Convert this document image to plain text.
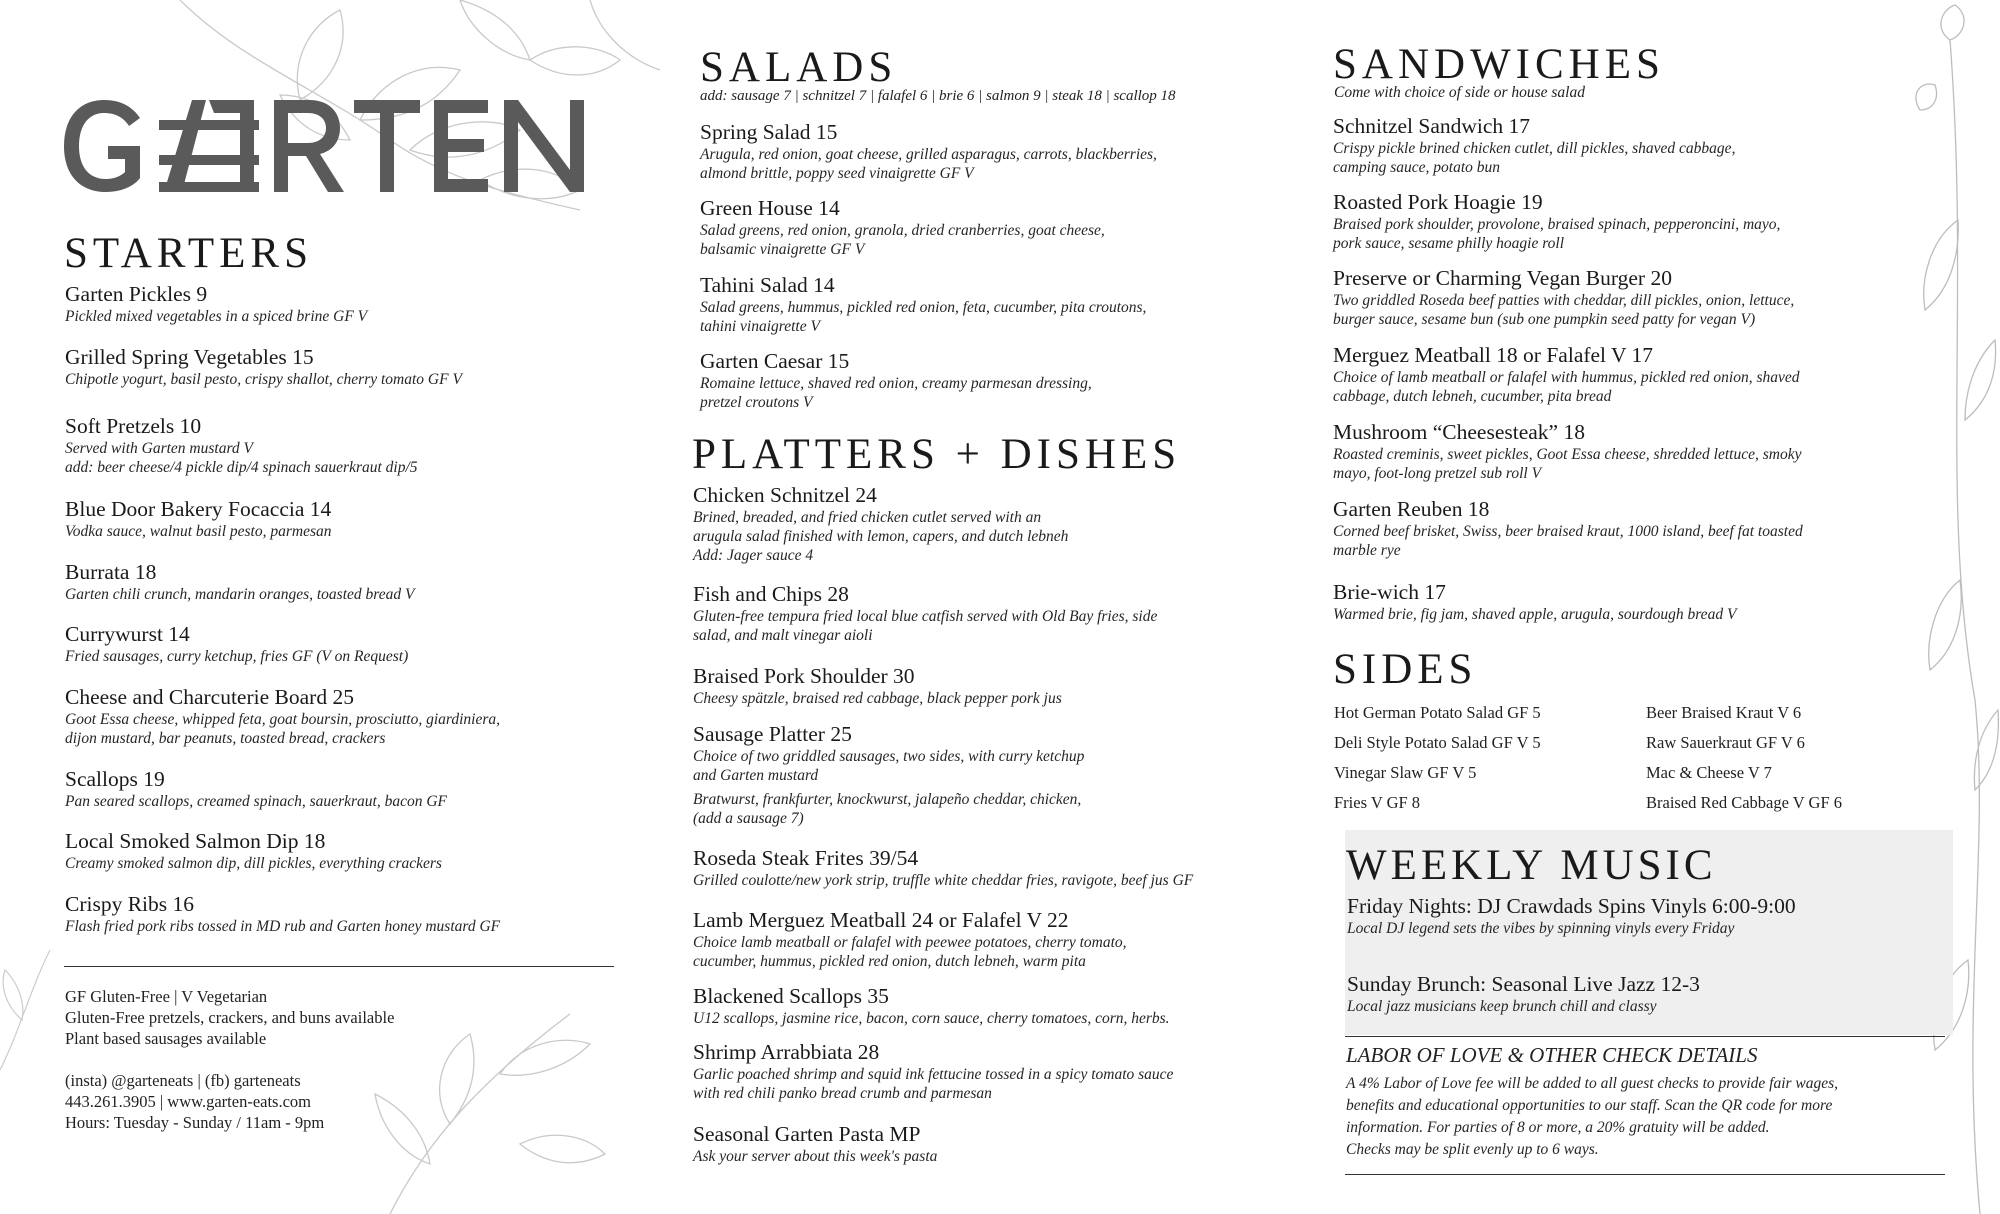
STARTERS
Garten Pickles 9
Pickled mixed vegetables in a spiced brine GF V
Grilled Spring Vegetables 15
Chipotle yogurt, basil pesto, crispy shallot, cherry tomato GF V
Soft Pretzels 10
Served with Garten mustard V
add: beer cheese/4 pickle dip/4 spinach sauerkraut dip/5
Blue Door Bakery Focaccia 14
Vodka sauce, walnut basil pesto, parmesan
Burrata 18
Garten chili crunch, mandarin oranges, toasted bread V
Currywurst 14
Fried sausages, curry ketchup, fries GF (V on Request)
Cheese and Charcuterie Board 25
Goot Essa cheese, whipped feta, goat boursin, prosciutto, giardiniera,
dijon mustard, bar peanuts, toasted bread, crackers
Scallops 19
Pan seared scallops, creamed spinach, sauerkraut, bacon GF
Local Smoked Salmon Dip 18
Creamy smoked salmon dip, dill pickles, everything crackers
Crispy Ribs 16
Flash fried pork ribs tossed in MD rub and Garten honey mustard GF
GF Gluten-Free | V Vegetarian
Gluten-Free pretzels, crackers, and buns available
Plant based sausages available
(insta) @garteneats | (fb) garteneats
443.261.3905 | www.garten-eats.com
Hours: Tuesday - Sunday / 11am - 9pm
SALADS
add: sausage 7 | schnitzel 7 | falafel 6 | brie 6 | salmon 9 | steak 18 | scallop 18
Spring Salad 15
Arugula, red onion, goat cheese, grilled asparagus, carrots, blackberries,
almond brittle, poppy seed vinaigrette GF V
Green House 14
Salad greens, red onion, granola, dried cranberries, goat cheese,
balsamic vinaigrette GF V
Tahini Salad 14
Salad greens, hummus, pickled red onion, feta, cucumber, pita croutons,
tahini vinaigrette V
Garten Caesar 15
Romaine lettuce, shaved red onion, creamy parmesan dressing,
pretzel croutons V
PLATTERS + DISHES
Chicken Schnitzel 24
Brined, breaded, and fried chicken cutlet served with an
arugula salad finished with lemon, capers, and dutch lebneh
Add: Jager sauce 4
Fish and Chips 28
Gluten-free tempura fried local blue catfish served with Old Bay fries, side
salad, and malt vinegar aioli
Braised Pork Shoulder 30
Cheesy spätzle, braised red cabbage, black pepper pork jus
Sausage Platter 25
Choice of two griddled sausages, two sides, with curry ketchup
and Garten mustard
Bratwurst, frankfurter, knockwurst, jalapeño cheddar, chicken,
(add a sausage 7)
Roseda Steak Frites 39/54
Grilled coulotte/new york strip, truffle white cheddar fries, ravigote, beef jus GF
Lamb Merguez Meatball 24 or Falafel V 22
Choice lamb meatball or falafel with peewee potatoes, cherry tomato,
cucumber, hummus, pickled red onion, dutch lebneh, warm pita
Blackened Scallops 35
U12 scallops, jasmine rice, bacon, corn sauce, cherry tomatoes, corn, herbs.
Shrimp Arrabbiata 28
Garlic poached shrimp and squid ink fettucine tossed in a spicy tomato sauce
with red chili panko bread crumb and parmesan
Seasonal Garten Pasta MP
Ask your server about this week's pasta
SANDWICHES
Come with choice of side or house salad
Schnitzel Sandwich 17
Crispy pickle brined chicken cutlet, dill pickles, shaved cabbage,
camping sauce, potato bun
Roasted Pork Hoagie 19
Braised pork shoulder, provolone, braised spinach, pepperoncini, mayo,
pork sauce, sesame philly hoagie roll
Preserve or Charming Vegan Burger 20
Two griddled Roseda beef patties with cheddar, dill pickles, onion, lettuce,
burger sauce, sesame bun (sub one pumpkin seed patty for vegan V)
Merguez Meatball 18 or Falafel V 17
Choice of lamb meatball or falafel with hummus, pickled red onion, shaved
cabbage, dutch lebneh, cucumber, pita bread
Mushroom “Cheesesteak” 18
Roasted creminis, sweet pickles, Goot Essa cheese, shredded lettuce, smoky
mayo, foot-long pretzel sub roll V
Garten Reuben 18
Corned beef brisket, Swiss, beer braised kraut, 1000 island, beef fat toasted
marble rye
Brie-wich 17
Warmed brie, fig jam, shaved apple, arugula, sourdough bread V
SIDES
Hot German Potato Salad GF 5
Deli Style Potato Salad GF V 5
Vinegar Slaw GF V 5
Fries V GF 8
Beer Braised Kraut V 6
Raw Sauerkraut GF V 6
Mac & Cheese V 7
Braised Red Cabbage V GF 6
WEEKLY MUSIC
Friday Nights: DJ Crawdads Spins Vinyls 6:00-9:00
Local DJ legend sets the vibes by spinning vinyls every Friday
Sunday Brunch: Seasonal Live Jazz 12-3
Local jazz musicians keep brunch chill and classy
LABOR OF LOVE & OTHER CHECK DETAILS
A 4% Labor of Love fee will be added to all guest checks to provide fair wages,
benefits and educational opportunities to our staff. Scan the QR code for more
information. For parties of 8 or more, a 20% gratuity will be added.
Checks may be split evenly up to 6 ways.
